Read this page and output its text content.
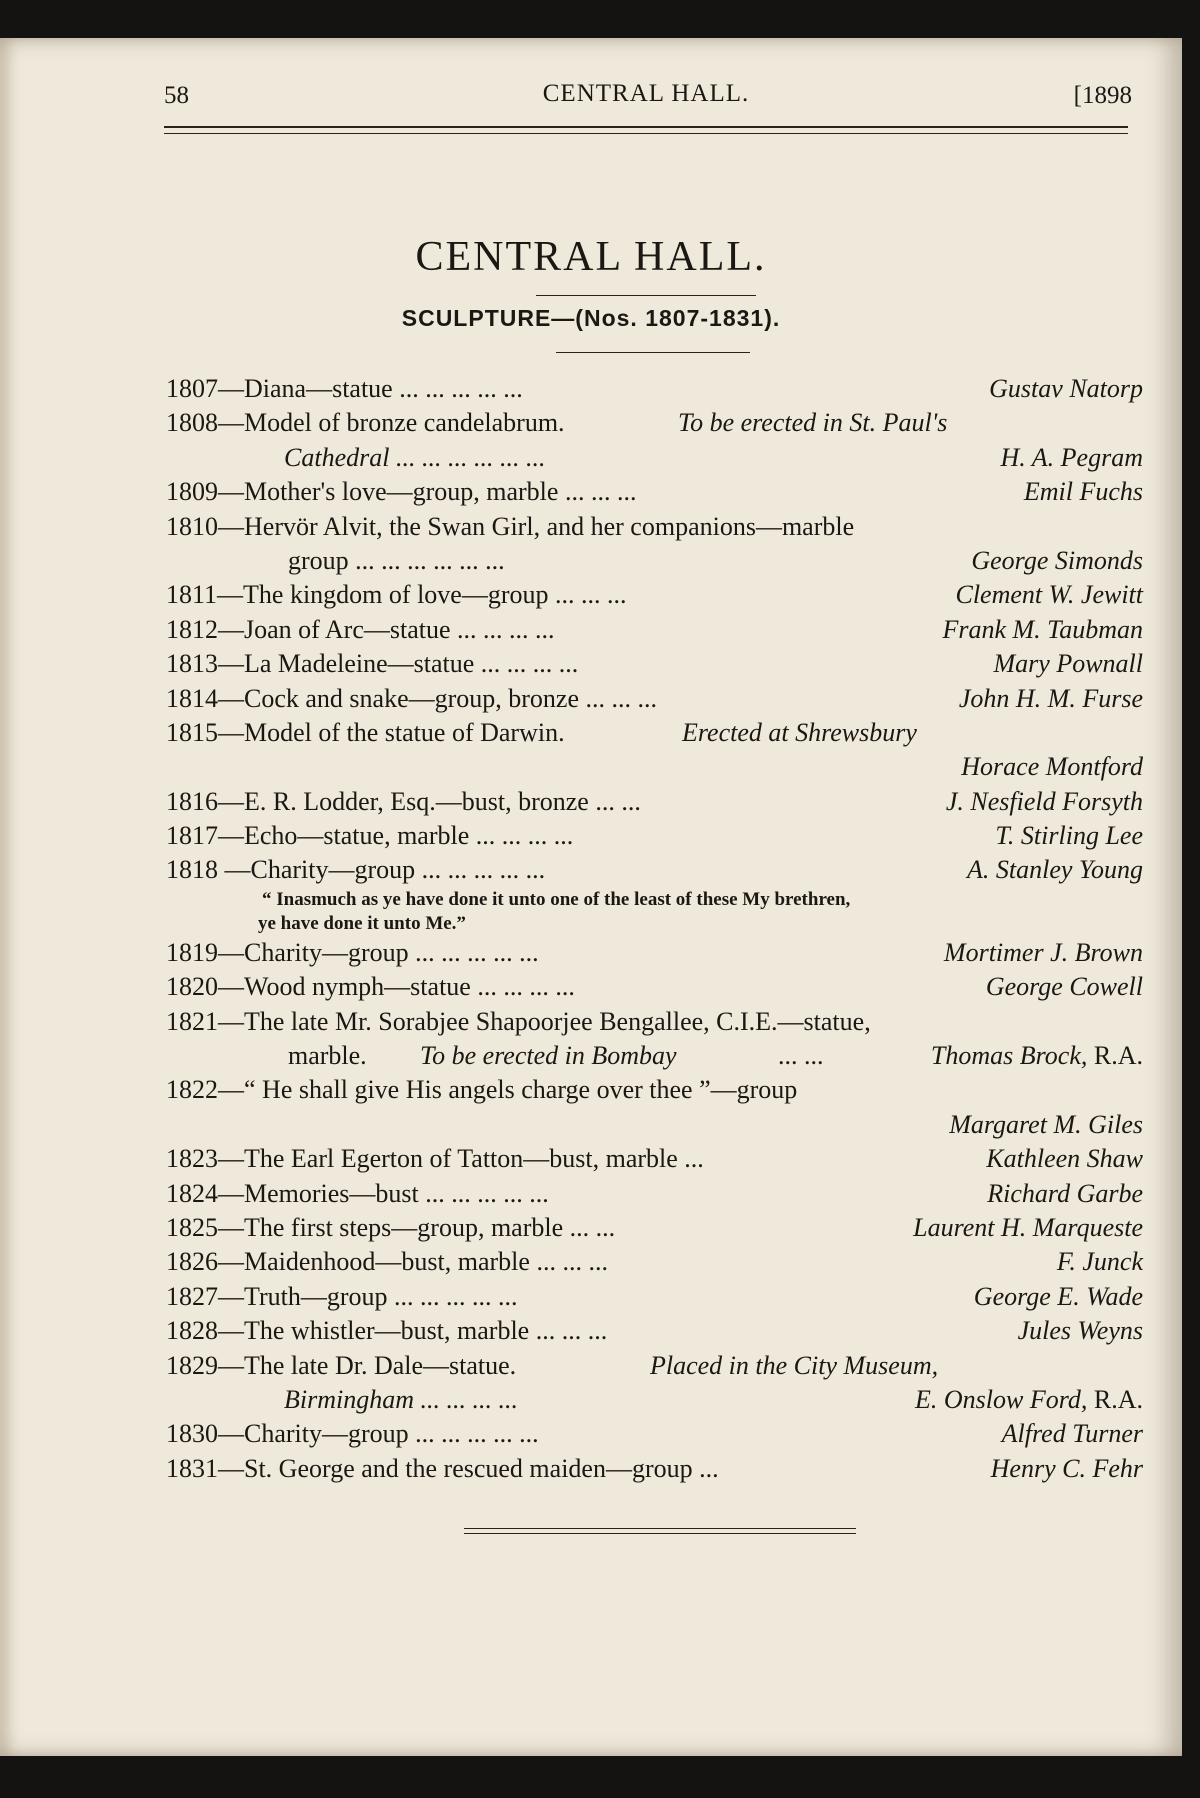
58	CENTRAL HALL.	[1898
CENTRAL HALL.
SCULPTURE—(Nos. 1807-1831).
1807—Diana—statue ... ... ... ... ...	Gustav Natorp
1808—Model of bronze candelabrum.	To be erected in St. Paul's
Cathedral ... ... ... ... ... ...	H. A. Pegram
1809—Mother's love—group, marble ... ... ...	Emil Fuchs
1810—Hervör Alvit, the Swan Girl, and her companions—marble
group ... ... ... ... ... ...	George Simonds
1811—The kingdom of love—group ... ... ...	Clement W. Jewitt
1812—Joan of Arc—statue ... ... ... ...	Frank M. Taubman
1813—La Madeleine—statue ... ... ... ...	Mary Pownall
1814—Cock and snake—group, bronze ... ... ...	John H. M. Furse
1815—Model of the statue of Darwin.	Erected at Shrewsbury
Horace Montford
1816—E. R. Lodder, Esq.—bust, bronze ... ...	J. Nesfield Forsyth
1817—Echo—statue, marble ... ... ... ...	T. Stirling Lee
1818 —Charity—group ... ... ... ... ...	A. Stanley Young
“ Inasmuch as ye have done it unto one of the least of these My brethren,
ye have done it unto Me.”
1819—Charity—group ... ... ... ... ...	Mortimer J. Brown
1820—Wood nymph—statue ... ... ... ...	George Cowell
1821—The late Mr. Sorabjee Shapoorjee Bengallee, C.I.E.—statue,
marble. To be erected in Bombay	... ...	Thomas Brock, R.A.
1822—“ He shall give His angels charge over thee ”—group
Margaret M. Giles
1823—The Earl Egerton of Tatton—bust, marble ...	Kathleen Shaw
1824—Memories—bust ... ... ... ... ...	Richard Garbe
1825—The first steps—group, marble ... ...	Laurent H. Marqueste
1826—Maidenhood—bust, marble ... ... ...	F. Junck
1827—Truth—group ... ... ... ... ...	George E. Wade
1828—The whistler—bust, marble ... ... ...	Jules Weyns
1829—The late Dr. Dale—statue.	Placed in the City Museum,
Birmingham ... ... ... ...	E. Onslow Ford, R.A.
1830—Charity—group ... ... ... ... ...	Alfred Turner
1831—St. George and the rescued maiden—group ...	Henry C. Fehr
